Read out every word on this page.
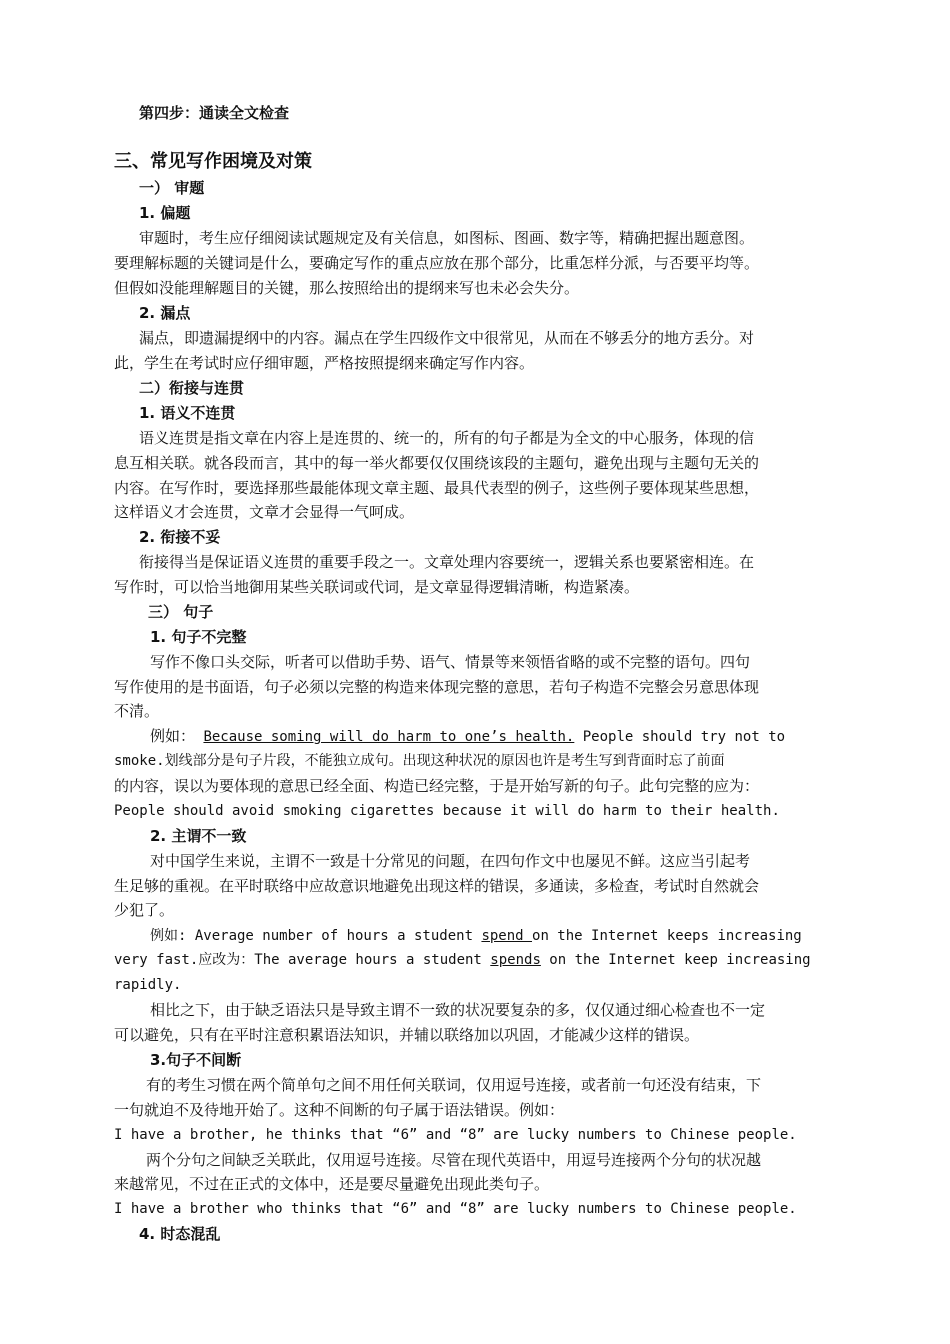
第四步：通读全文检查
三、常见写作困境及对策
一） 审题
1. 偏题
审题时，考生应仔细阅读试题规定及有关信息，如图标、图画、数字等，精确把握出题意图。
要理解标题的关键词是什么，要确定写作的重点应放在那个部分，比重怎样分派，与否要平均等。
但假如没能理解题目的关键，那么按照给出的提纲来写也未必会失分。
2. 漏点
漏点，即遗漏提纲中的内容。漏点在学生四级作文中很常见，从而在不够丢分的地方丢分。对
此，学生在考试时应仔细审题，严格按照提纲来确定写作内容。
二）衔接与连贯
1. 语义不连贯
语义连贯是指文章在内容上是连贯的、统一的，所有的句子都是为全文的中心服务，体现的信
息互相关联。就各段而言，其中的每一举火都要仅仅围绕该段的主题句，避免出现与主题句无关的
内容。在写作时，要选择那些最能体现文章主题、最具代表型的例子，这些例子要体现某些思想，
这样语义才会连贯，文章才会显得一气呵成。
2. 衔接不妥
衔接得当是保证语义连贯的重要手段之一。文章处理内容要统一，逻辑关系也要紧密相连。在
写作时，可以恰当地御用某些关联词或代词，是文章显得逻辑清晰，构造紧凑。
三） 句子
1. 句子不完整
写作不像口头交际，听者可以借助手势、语气、情景等来领悟省略的或不完整的语句。四句
写作使用的是书面语，句子必须以完整的构造来体现完整的意思，若句子构造不完整会另意思体现
不清。
例如： Because soming will do harm to one’s health. People should try not to
smoke.划线部分是句子片段，不能独立成句。出现这种状况的原因也许是考生写到背面时忘了前面
的内容，误以为要体现的意思已经全面、构造已经完整，于是开始写新的句子。此句完整的应为：
People should avoid smoking cigarettes because it will do harm to their health.
2. 主谓不一致
对中国学生来说，主谓不一致是十分常见的问题，在四句作文中也屡见不鲜。这应当引起考
生足够的重视。在平时联络中应故意识地避免出现这样的错误，多通读，多检查，考试时自然就会
少犯了。
例如: Average number of hours a student spend on the Internet keeps increasing
very fast.应改为：The average hours a student spends on the Internet keep increasing
rapidly.
相比之下，由于缺乏语法只是导致主谓不一致的状况要复杂的多，仅仅通过细心检查也不一定
可以避免，只有在平时注意积累语法知识，并辅以联络加以巩固，才能减少这样的错误。
3.句子不间断
有的考生习惯在两个简单句之间不用任何关联词，仅用逗号连接，或者前一句还没有结束，下
一句就迫不及待地开始了。这种不间断的句子属于语法错误。例如：
I have a brother, he thinks that “6” and “8” are lucky numbers to Chinese people.
两个分句之间缺乏关联此，仅用逗号连接。尽管在现代英语中，用逗号连接两个分句的状况越
来越常见，不过在正式的文体中，还是要尽量避免出现此类句子。
I have a brother who thinks that “6” and “8” are lucky numbers to Chinese people.
4. 时态混乱
